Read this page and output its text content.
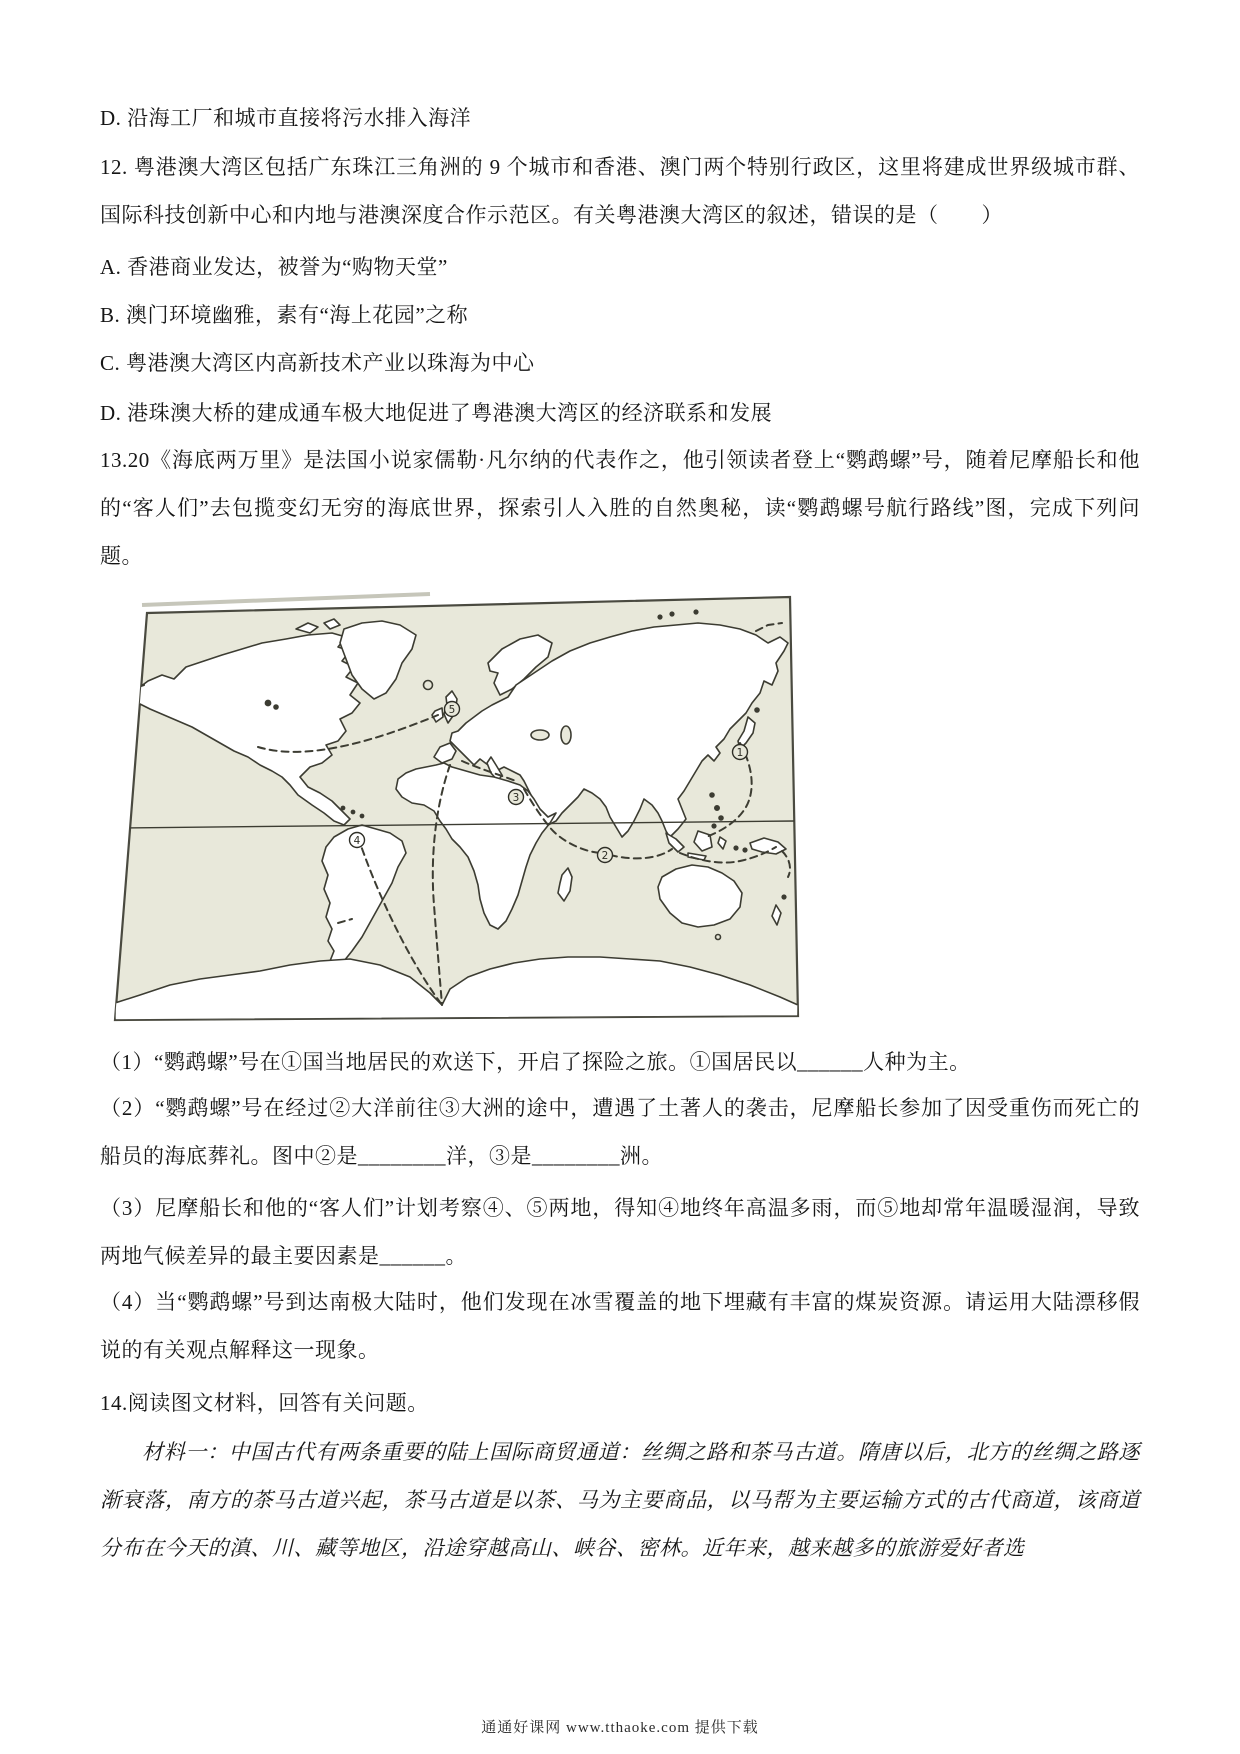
D. 沿海工厂和城市直接将污水排入海洋

12. 粤港澳大湾区包括广东珠江三角洲的 9 个城市和香港、澳门两个特别行政区，这里将建成世界级城市群、国际科技创新中心和内地与港澳深度合作示范区。有关粤港澳大湾区的叙述，错误的是（　　）

A. 香港商业发达，被誉为“购物天堂”

B. 澳门环境幽雅，素有“海上花园”之称

C. 粤港澳大湾区内高新技术产业以珠海为中心

D. 港珠澳大桥的建成通车极大地促进了粤港澳大湾区的经济联系和发展

13.20《海底两万里》是法国小说家儒勒·凡尔纳的代表作之，他引领读者登上“鹦鹉螺”号，随着尼摩船长和他的“客人们”去包揽变幻无穷的海底世界，探索引人入胜的自然奥秘，读“鹦鹉螺号航行路线”图，完成下列问题。

1
2
3
4
5

（1）“鹦鹉螺”号在①国当地居民的欢送下，开启了探险之旅。①国居民以______人种为主。

（2）“鹦鹉螺”号在经过②大洋前往③大洲的途中，遭遇了土著人的袭击，尼摩船长参加了因受重伤而死亡的船员的海底葬礼。图中②是________洋，③是________洲。

（3）尼摩船长和他的“客人们”计划考察④、⑤两地，得知④地终年高温多雨，而⑤地却常年温暖湿润，导致两地气候差异的最主要因素是______。

（4）当“鹦鹉螺”号到达南极大陆时，他们发现在冰雪覆盖的地下埋藏有丰富的煤炭资源。请运用大陆漂移假说的有关观点解释这一现象。

14.阅读图文材料，回答有关问题。

材料一：中国古代有两条重要的陆上国际商贸通道：丝绸之路和茶马古道。隋唐以后，北方的丝绸之路逐渐衰落，南方的茶马古道兴起，茶马古道是以茶、马为主要商品，以马帮为主要运输方式的古代商道，该商道分布在今天的滇、川、藏等地区，沿途穿越高山、峡谷、密林。近年来，越来越多的旅游爱好者选

通通好课网 www.tthaoke.com 提供下载
